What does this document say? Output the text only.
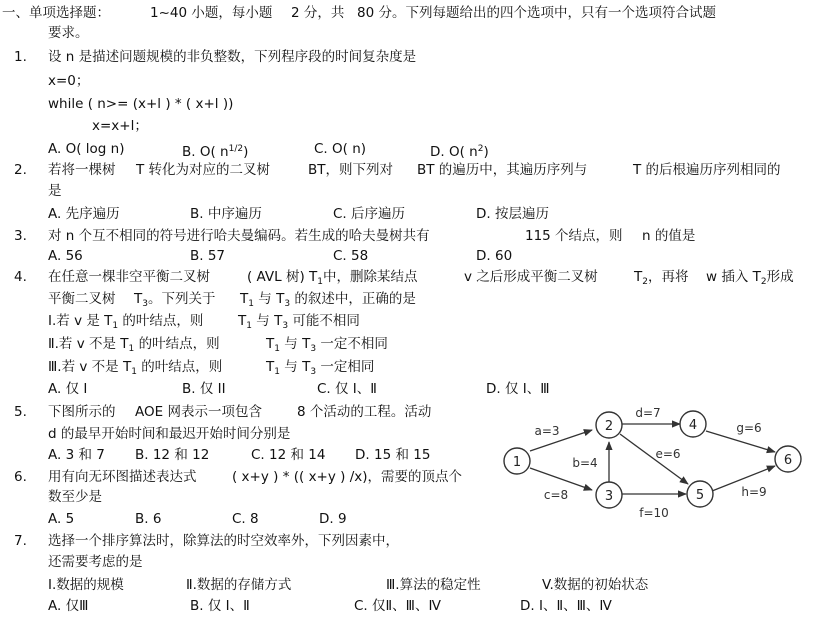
一、单项选择题：	1~40 小题，每小题 2 分，共 80 分。下列每题给出的四个选项中，只有一个选项符合试题
要求。
1. 设 n 是描述问题规模的非负整数，下列程序段的时间复杂度是
x=0；
while ( n>= (x+l ) * ( x+l ))
x=x+l；
A. O( log n)	B. O( $n^{1/2}$)	C. O( n)	D. O( $n^2$)
2. 若将一棵树 T 转化为对应的二叉树	BT，则下列对 BT 的遍历中，其遍历序列与	T 的后根遍历序列相同的
是
A. 先序遍历	B. 中序遍历	C. 后序遍历	D. 按层遍历
3. 对 n 个互不相同的符号进行哈夫曼编码。若生成的哈夫曼树共有	115 个结点，则 n 的值是
A. 56	B. 57	C. 58	D. 60
4. 在任意一棵非空平衡二叉树	( AVL 树) $T_1$中，删除某结点	v 之后形成平衡二叉树	$T_2$，再将 w 插入 $T_2$形成
平衡二叉树 $T_3$。下列关于 $T_1$ 与 $T_3$ 的叙述中，正确的是
I.若 v 是 $T_1$ 的叶结点，则	$T_1$ 与 $T_3$ 可能不相同
Ⅱ.若 v 不是 $T_1$ 的叶结点，则	$T_1$ 与 $T_3$ 一定不相同
Ⅲ.若 v 不是 $T_1$ 的叶结点，则	$T_1$ 与 $T_3$ 一定相同
A. 仅 I	B. 仅 II	C. 仅 I、Ⅱ	D. 仅 I、Ⅲ
5. 下图所示的 AOE 网表示一项包含	8 个活动的工程。活动
d 的最早开始时间和最迟开始时间分别是
A. 3 和 7 B. 12 和 12	C. 12 和 14 D. 15 和 15
6. 用有向无环图描述表达式	( x+y ) * (( x+y ) /x)，需要的顶点个
数至少是
A. 5	B. 6	C. 8	D. 9
7. 选择一个排序算法时，除算法的时空效率外，下列因素中，
还需要考虑的是
I.数据的规模	Ⅱ.数据的存储方式	Ⅲ.算法的稳定性	V.数据的初始状态
A. 仅Ⅲ	B. 仅 I、Ⅱ	C. 仅Ⅱ、Ⅲ、Ⅳ	D. I、Ⅱ、Ⅲ、Ⅳ
1
2
3
4
5
6
a=3
b=4
c=8
d=7
e=6
f=10
g=6
h=9
